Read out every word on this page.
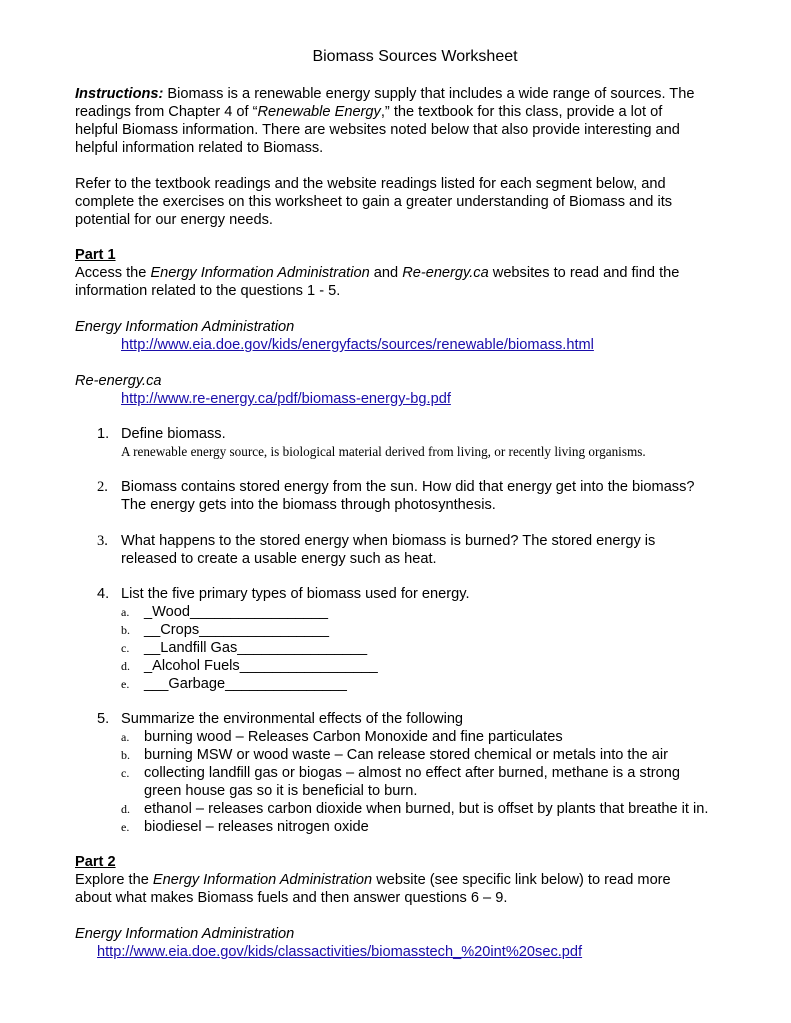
Biomass Sources Worksheet
Instructions: Biomass is a renewable energy supply that includes a wide range of sources. The
readings from Chapter 4 of “Renewable Energy,” the textbook for this class, provide a lot of
helpful Biomass information. There are websites noted below that also provide interesting and
helpful information related to Biomass.
Refer to the textbook readings and the website readings listed for each segment below, and
complete the exercises on this worksheet to gain a greater understanding of Biomass and its
potential for our energy needs.
Part 1
Access the Energy Information Administration and Re-energy.ca websites to read and find the
information related to the questions 1 - 5.
Energy Information Administration
http://www.eia.doe.gov/kids/energyfacts/sources/renewable/biomass.html
Re-energy.ca
http://www.re-energy.ca/pdf/biomass-energy-bg.pdf
1. Define biomass.
A renewable energy source, is biological material derived from living, or recently living organisms.
2. Biomass contains stored energy from the sun. How did that energy get into the biomass?
The energy gets into the biomass through photosynthesis.
3. What happens to the stored energy when biomass is burned? The stored energy is
released to create a usable energy such as heat.
4. List the five primary types of biomass used for energy.
a.	_Wood_________________
b. __Crops________________
c.	__Landfill Gas________________
d. _Alcohol Fuels_________________
e.	___Garbage_______________
5. Summarize the environmental effects of the following
a.	burning wood – Releases Carbon Monoxide and fine particulates
b. burning MSW or wood waste – Can release stored chemical or metals into the air
c.	collecting landfill gas or biogas – almost no effect after burned, methane is a strong
green house gas so it is beneficial to burn.
d. ethanol – releases carbon dioxide when burned, but is offset by plants that breathe it in.
e.	biodiesel – releases nitrogen oxide
Part 2
Explore the Energy Information Administration website (see specific link below) to read more
about what makes Biomass fuels and then answer questions 6 – 9.
Energy Information Administration
http://www.eia.doe.gov/kids/classactivities/biomasstech_%20int%20sec.pdf
